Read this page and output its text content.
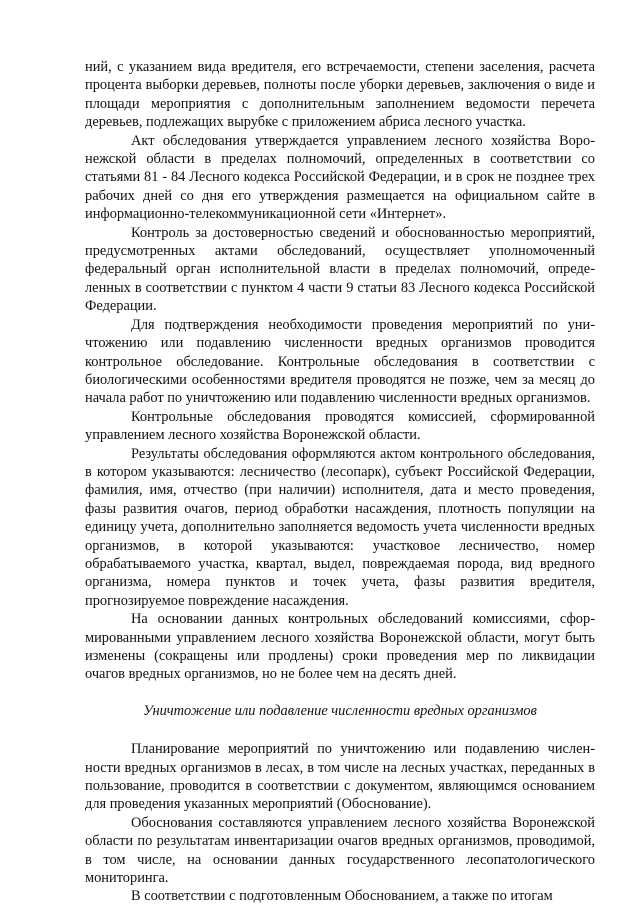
ний, с указанием вида вредителя, его встречаемости, степени заселения, расчета процента выборки деревьев, полноты после уборки деревьев, заключения о виде и площади мероприятия с дополнительным заполнением ведомости перечета деревьев, подлежащих вырубке с приложением абриса лесного участка.

Акт обследования утверждается управлением лесного хозяйства Воронежской области в пределах полномочий, определенных в соответствии со статьями 81 - 84 Лесного кодекса Российской Федерации, и в срок не позднее трех рабочих дней со дня его утверждения размещается на официальном сайте в информационно-телекоммуникационной сети «Интернет».

Контроль за достоверностью сведений и обоснованностью мероприятий, предусмотренных актами обследований, осуществляет уполномоченный федеральный орган исполнительной власти в пределах полномочий, определенных в соответствии с пунктом 4 части 9 статьи 83 Лесного кодекса Российской Федерации.

Для подтверждения необходимости проведения мероприятий по уничтожению или подавлению численности вредных организмов проводится контрольное обследование. Контрольные обследования в соответствии с биологическими особенностями вредителя проводятся не позже, чем за месяц до начала работ по уничтожению или подавлению численности вредных организмов.

Контрольные обследования проводятся комиссией, сформированной управлением лесного хозяйства Воронежской области.

Результаты обследования оформляются актом контрольного обследования, в котором указываются: лесничество (лесопарк), субъект Российской Федерации, фамилия, имя, отчество (при наличии) исполнителя, дата и место проведения, фазы развития очагов, период обработки насаждения, плотность популяции на единицу учета, дополнительно заполняется ведомость учета численности вредных организмов, в которой указываются: участковое лесничество, номер обрабатываемого участка, квартал, выдел, повреждаемая порода, вид вредного организма, номера пунктов и точек учета, фазы развития вредителя, прогнозируемое повреждение насаждения.

На основании данных контрольных обследований комиссиями, сформированными управлением лесного хозяйства Воронежской области, могут быть изменены (сокращены или продлены) сроки проведения мер по ликвидации очагов вредных организмов, но не более чем на десять дней.

Уничтожение или подавление численности вредных организмов

Планирование мероприятий по уничтожению или подавлению численности вредных организмов в лесах, в том числе на лесных участках, переданных в пользование, проводится в соответствии с документом, являющимся основанием для проведения указанных мероприятий (Обоснование).

Обоснования составляются управлением лесного хозяйства Воронежской области по результатам инвентаризации очагов вредных организмов, проводимой, в том числе, на основании данных государственного лесопатологического мониторинга.

В соответствии с подготовленным Обоснованием, а также по итогам
